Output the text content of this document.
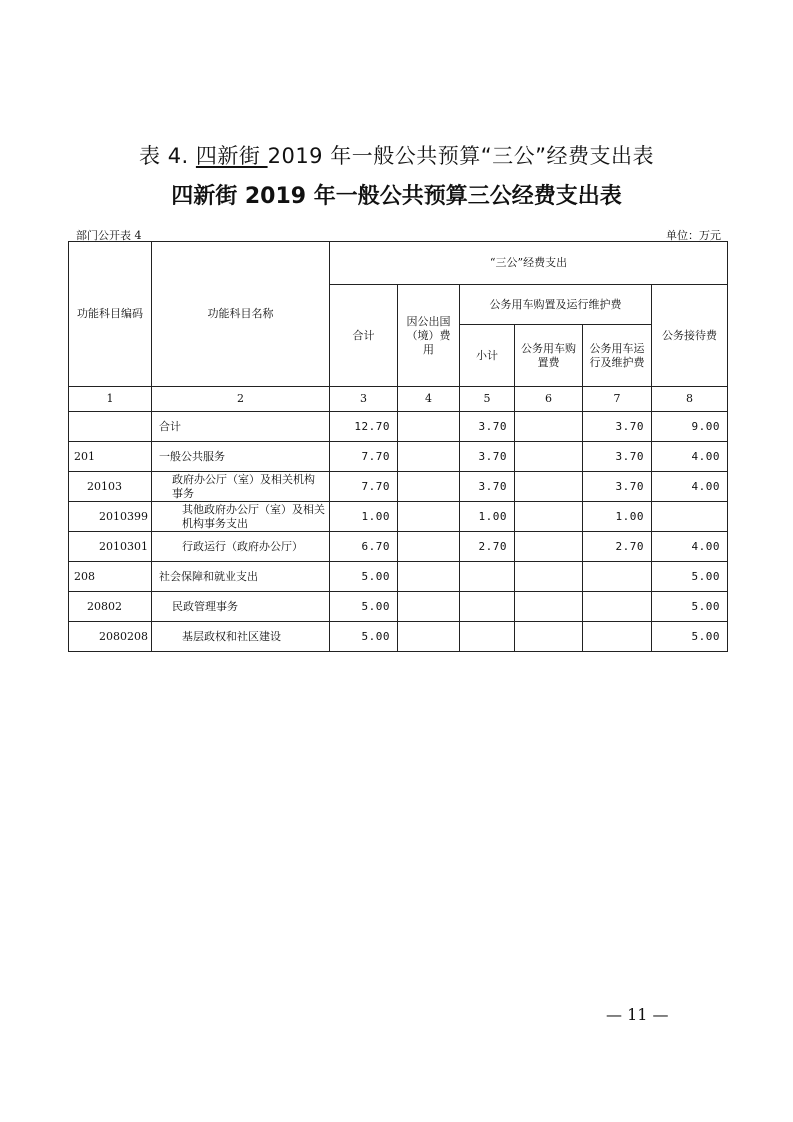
表 4. 四新街 2019 年一般公共预算“三公”经费支出表
四新街 2019 年一般公共预算三公经费支出表
部门公开表 4	单位：万元
功能科目编码	功能科目名称	“三公”经费支出					
		合计	因公出国（境）费用	公务用车购置及运行维护费			公务接待费
				小计	公务用车购置费	公务用车运行及维护费	
1	2	3	4	5	6	7	8
	合计	12.70		3.70		3.70	9.00
201	一般公共服务	7.70		3.70		3.70	4.00
20103	政府办公厅（室）及相关机构事务	7.70		3.70		3.70	4.00
2010399	其他政府办公厅（室）及相关机构事务支出	1.00		1.00		1.00	
2010301	行政运行（政府办公厅）	6.70		2.70		2.70	4.00
208	社会保障和就业支出	5.00					5.00
20802	民政管理事务	5.00					5.00
2080208	基层政权和社区建设	5.00					5.00
— 11 —
